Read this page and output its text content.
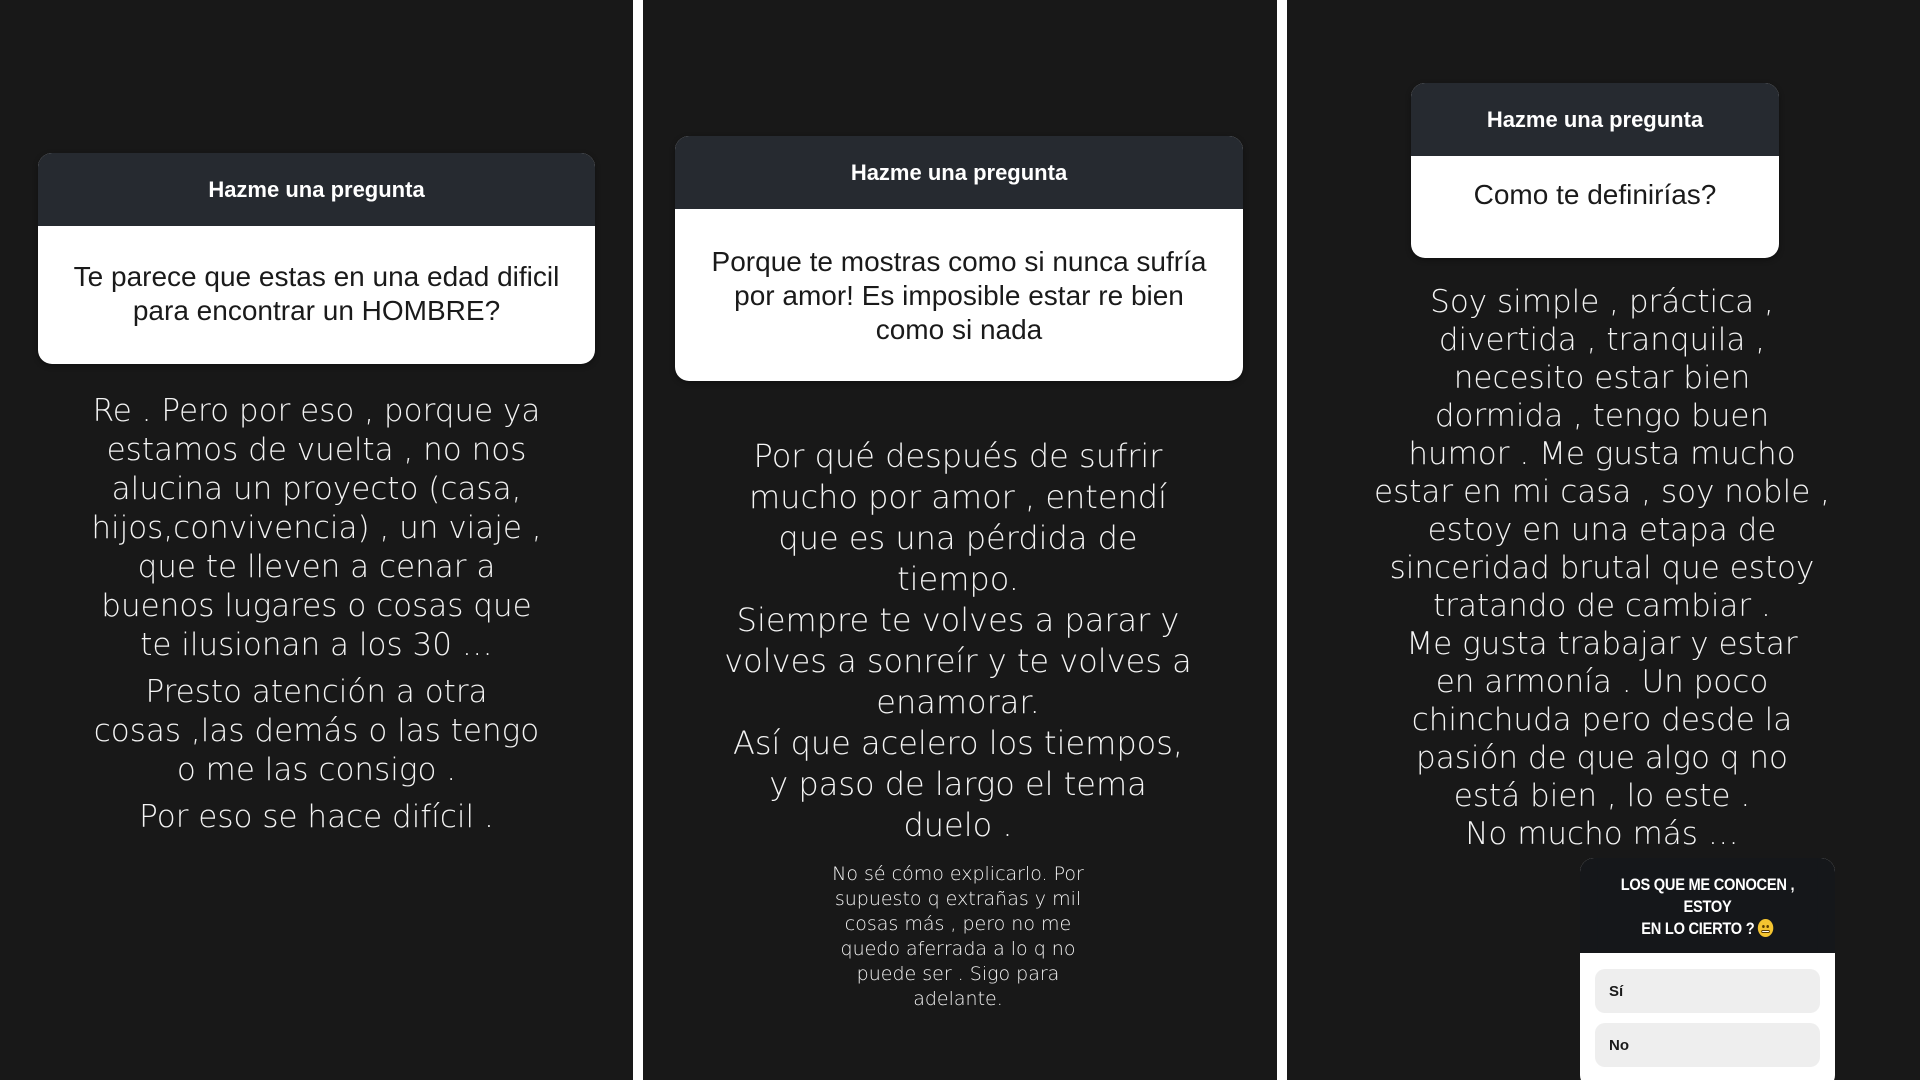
Hazme una pregunta
Te parece que estas en una edad dificil
para encontrar un HOMBRE?

Re . Pero por eso , porque ya
estamos de vuelta , no nos
alucina un proyecto (casa,
hijos,convivencia) , un viaje ,
que te lleven a cenar a
buenos lugares o cosas que
te ilusionan a los 30 …

Presto atención a otra
cosas ,las demás o las tengo
o me las consigo .

Por eso se hace difícil .

Hazme una pregunta
Porque te mostras como si nunca sufría
por amor! Es imposible estar re bien
como si nada

Por qué después de sufrir
mucho por amor , entendí
que es una pérdida de
tiempo.
Siempre te volves a parar y
volves a sonreír y te volves a
enamorar.
Así que acelero los tiempos,
y paso de largo el tema
duelo .

No sé cómo explicarlo. Por
supuesto q extrañas y mil
cosas más , pero no me
quedo aferrada a lo q no
puede ser . Sigo para
adelante.
Hazme una pregunta
Como te definirías?

Soy simple , práctica ,
divertida , tranquila ,
necesito estar bien
dormida , tengo buen
humor . Me gusta mucho
estar en mi casa , soy noble ,
estoy en una etapa de
sinceridad brutal que estoy
tratando de cambiar .
Me gusta trabajar y estar
en armonía . Un poco
chinchuda pero desde la
pasión de que algo q no
está bien , lo este .
No mucho más …

LOS QUE ME CONOCEN , ESTOY
EN LO CIERTO ?
Sí
No
